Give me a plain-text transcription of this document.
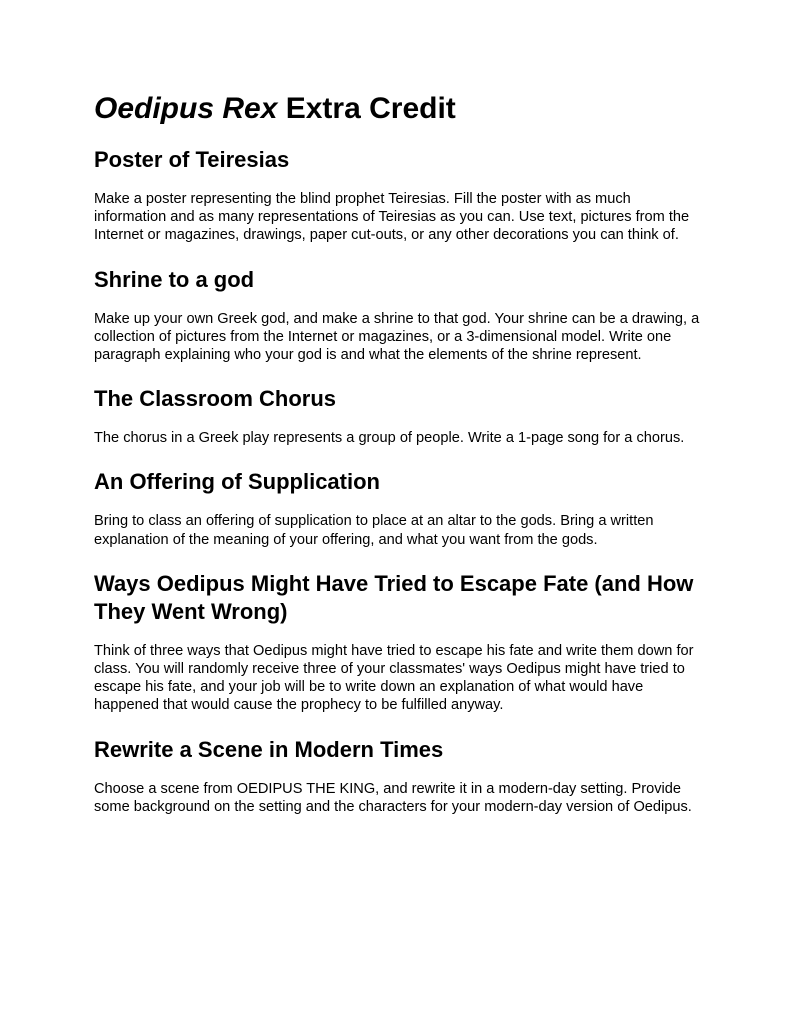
Oedipus Rex Extra Credit
Poster of Teiresias

Make a poster representing the blind prophet Teiresias. Fill the poster with as much information and as many representations of Teiresias as you can. Use text, pictures from the Internet or magazines, drawings, paper cut-outs, or any other decorations you can think of.

Shrine to a god

Make up your own Greek god, and make a shrine to that god. Your shrine can be a drawing, a collection of pictures from the Internet or magazines, or a 3-dimensional model. Write one paragraph explaining who your god is and what the elements of the shrine represent.

The Classroom Chorus

The chorus in a Greek play represents a group of people. Write a 1-page song for a chorus.

An Offering of Supplication

Bring to class an offering of supplication to place at an altar to the gods. Bring a written explanation of the meaning of your offering, and what you want from the gods.

Ways Oedipus Might Have Tried to Escape Fate (and How They Went Wrong)

Think of three ways that Oedipus might have tried to escape his fate and write them down for class. You will randomly receive three of your classmates' ways Oedipus might have tried to escape his fate, and your job will be to write down an explanation of what would have happened that would cause the prophecy to be fulfilled anyway.

Rewrite a Scene in Modern Times

Choose a scene from OEDIPUS THE KING, and rewrite it in a modern-day setting. Provide some background on the setting and the characters for your modern-day version of Oedipus.
